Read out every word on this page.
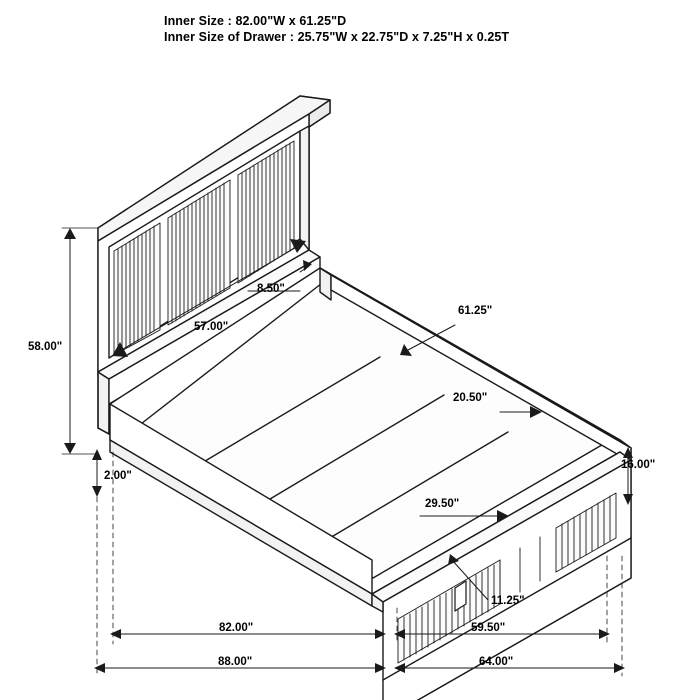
Inner Size : 82.00"W x 61.25"D
Inner Size of Drawer : 25.75"W x 22.75"D x 7.25"H x 0.25T
58.00"
8.50"
57.00"
61.25"
20.50"
16.00"
2.00"
29.50"
11.25"
82.00"
88.00"
59.50"
64.00"
